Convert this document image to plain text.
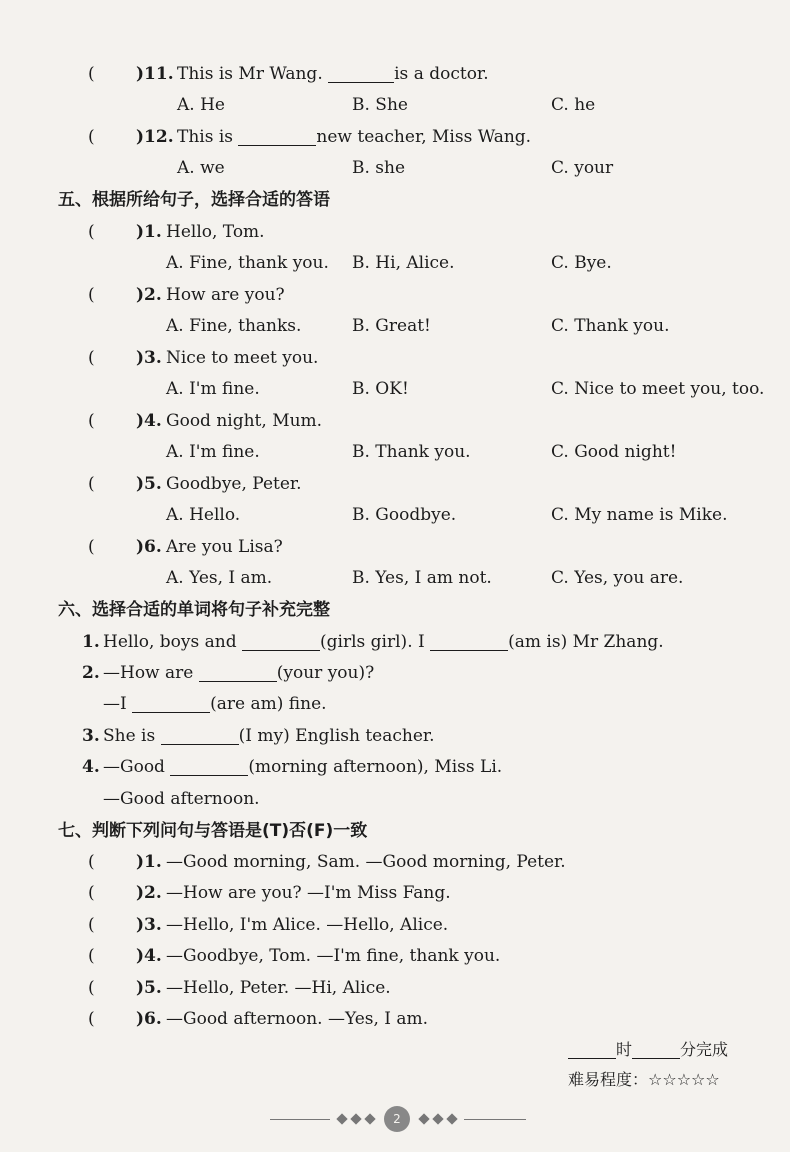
( )11. This is Mr Wang.	is a doctor.
A. He	B. She	C. he
( )12. This is	new teacher, Miss Wang.
A. we	B. she	C. your
五、根据所给句子，选择合适的答语
( )1. Hello, Tom.
A. Fine, thank you. B. Hi, Alice.	C. Bye.
( )2. How are you?
A. Fine, thanks.	B. Great!	C. Thank you.
( )3. Nice to meet you.
A. I'm fine.	B. OK!	C. Nice to meet you, too.
( )4. Good night, Mum.
A. I'm fine.	B. Thank you.	C. Good night!
( )5. Goodbye, Peter.
A. Hello.	B. Goodbye.	C. My name is Mike.
( )6. Are you Lisa?
A. Yes, I am.	B. Yes, I am not.	C. Yes, you are.
六、选择合适的单词将句子补充完整
1. Hello, boys and	(girls girl). I	(am is) Mr Zhang.
2. —How are	(your you)?
—I	(are am) fine.
3. She is	(I my) English teacher.
4. —Good	(morning afternoon), Miss Li.
—Good afternoon.
七、判断下列问句与答语是(T)否(F)一致
( )1. —Good morning, Sam. —Good morning, Peter.
( )2. —How are you? —I'm Miss Fang.
( )3. —Hello, I'm Alice. —Hello, Alice.
( )4. —Goodbye, Tom. —I'm fine, thank you.
( )5. —Hello, Peter. —Hi, Alice.
( )6. —Good afternoon. —Yes, I am.
时	分完成
难易程度：☆☆☆☆☆
2
